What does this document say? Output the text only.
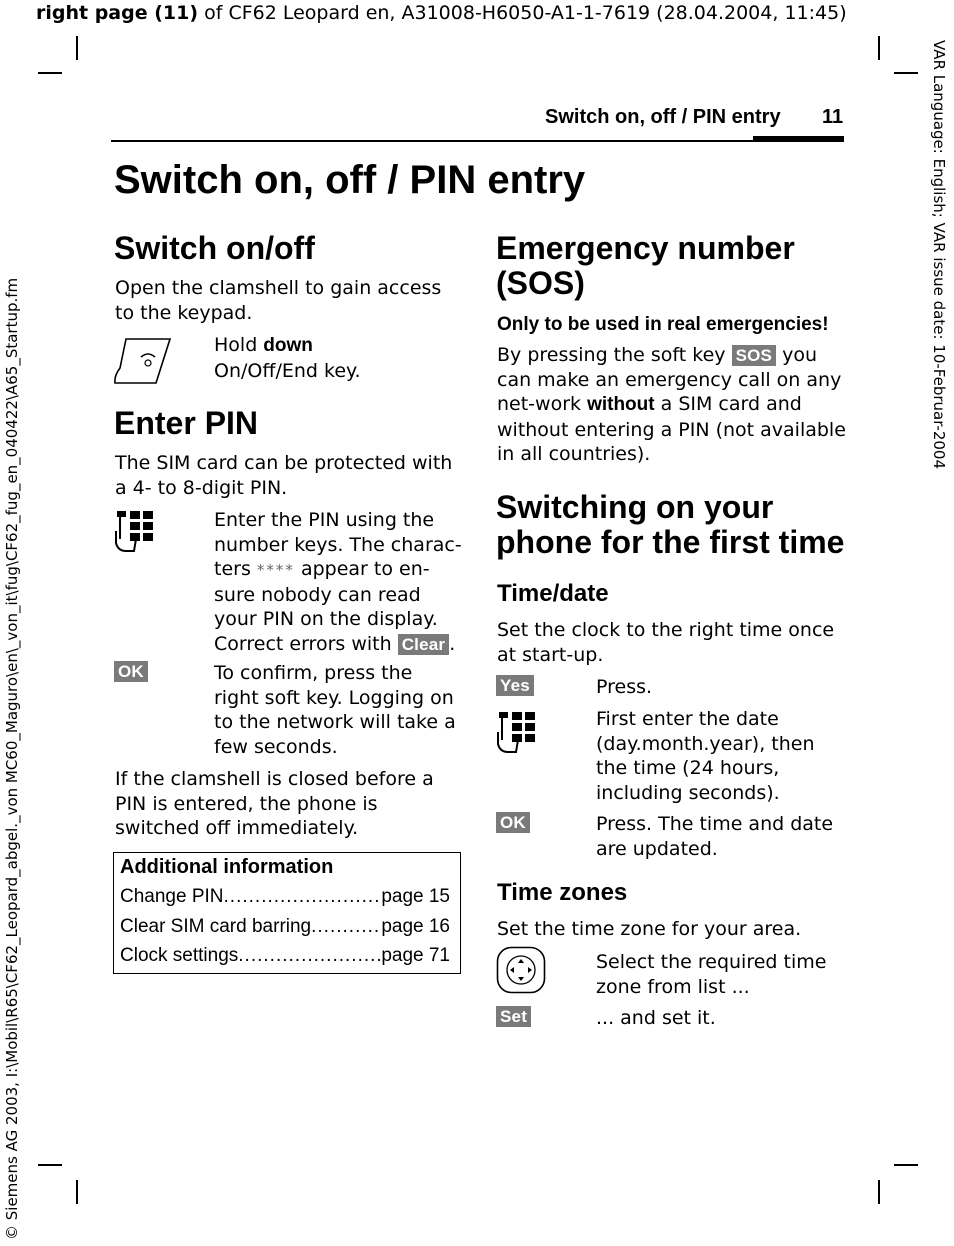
right page (11) of CF62 Leopard en, A31008-H6050-A1-1-7619 (28.04.2004, 11:45)
© Siemens AG 2003, I:\Mobil\R65\CF62_Leopard_abgel._von MC60_Maguro\en\_von_it\fug\CF62_fug_en_040422\A65_Startup.fm
VAR Language: English; VAR issue date: 10-Februar-2004
Switch on, off / PIN entry 11
Switch on, off / PIN entry
Switch on/off
Open the clamshell to gain access to the keypad.
Hold down
On/Off/End key.
Enter PIN
The SIM card can be protected with a 4- to 8-digit PIN.
Enter the PIN using the
number keys. The charac-
ters **** appear to en-
sure nobody can read
your PIN on the display.
Correct errors with Clear .
OK	To confirm, press the right soft key. Logging on to the network will take a few seconds.
If the clamshell is closed before a PIN is entered, the phone is switched off immediately.
Additional information
Change PIN .....	page 15
Clear SIM card barring .....	page 16
Clock settings .....	page 71
Emergency number (SOS)
Only to be used in real emergencies!
By pressing the soft key SOS you can make an emergency call on any net-work without a SIM card and without entering a PIN (not available in all countries).
Switching on your phone for the first time
Time/date
Set the clock to the right time once at start-up.
Yes	Press.
First enter the date (day.month.year), then the time (24 hours, including seconds).
OK	Press. The time and date are updated.
Time zones
Set the time zone for your area.
Select the required time zone from list ...
Set	... and set it.
